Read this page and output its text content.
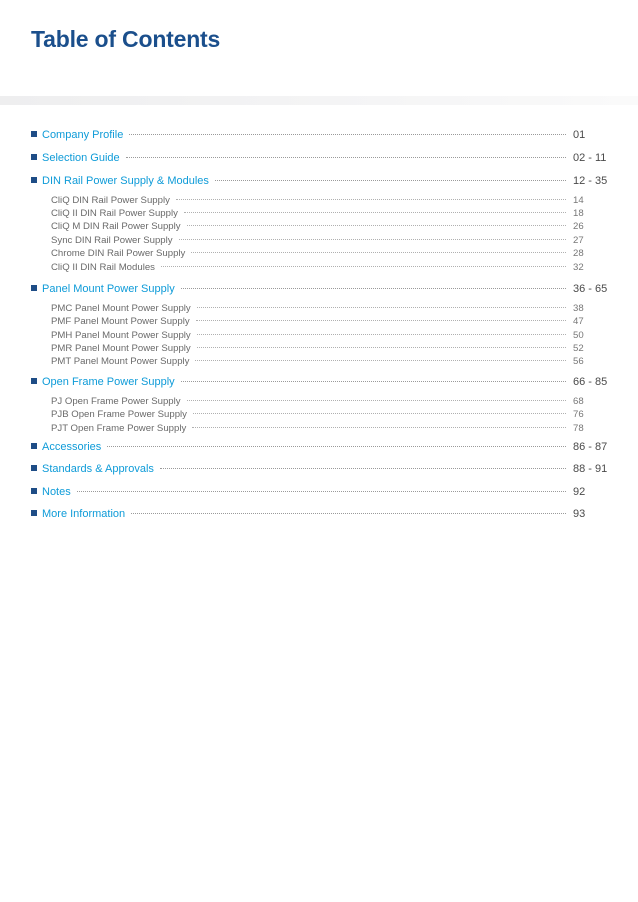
Table of Contents
Company Profile	01
Selection Guide	02 - 11
DIN Rail Power Supply & Modules	12 - 35
CliQ DIN Rail Power Supply	14
CliQ II DIN Rail Power Supply	18
CliQ M DIN Rail Power Supply	26
Sync DIN Rail Power Supply	27
Chrome DIN Rail Power Supply	28
CliQ II DIN Rail Modules	32
Panel Mount Power Supply	36 - 65
PMC Panel Mount Power Supply	38
PMF Panel Mount Power Supply	47
PMH Panel Mount Power Supply	50
PMR Panel Mount Power Supply	52
PMT Panel Mount Power Supply	56
Open Frame Power Supply	66 - 85
PJ Open Frame Power Supply	68
PJB Open Frame Power Supply	76
PJT Open Frame Power Supply	78
Accessories	86 - 87
Standards & Approvals	88 - 91
Notes	92
More Information	93
